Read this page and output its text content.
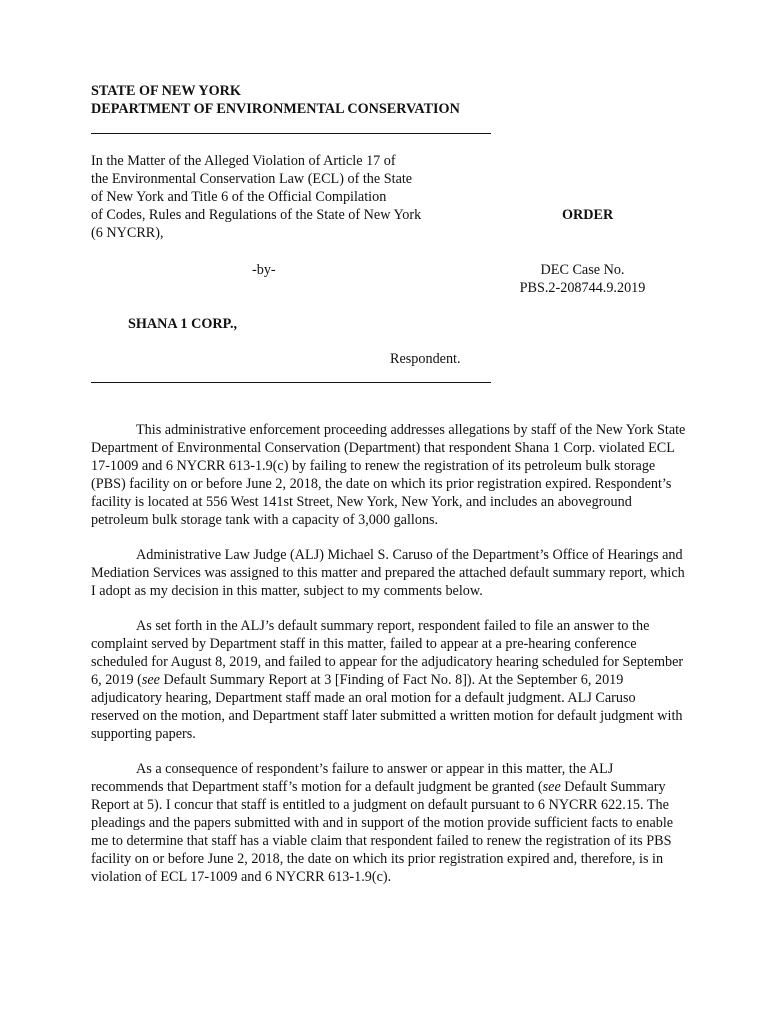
STATE OF NEW YORK
DEPARTMENT OF ENVIRONMENTAL CONSERVATION
In the Matter of the Alleged Violation of Article 17 of
the Environmental Conservation Law (ECL) of the State
of New York and Title 6 of the Official Compilation
of Codes, Rules and Regulations of the State of New York
(6 NYCRR),
ORDER
-by-	DEC Case No.
PBS.2-208744.9.2019
SHANA 1 CORP.,
Respondent.

This administrative enforcement proceeding addresses allegations by staff of the New York State Department of Environmental Conservation (Department) that respondent Shana 1 Corp. violated ECL 17-1009 and 6 NYCRR 613-1.9(c) by failing to renew the registration of its petroleum bulk storage (PBS) facility on or before June 2, 2018, the date on which its prior registration expired. Respondent’s facility is located at 556 West 141st Street, New York, New York, and includes an aboveground petroleum bulk storage tank with a capacity of 3,000 gallons.

Administrative Law Judge (ALJ) Michael S. Caruso of the Department’s Office of Hearings and Mediation Services was assigned to this matter and prepared the attached default summary report, which I adopt as my decision in this matter, subject to my comments below.

As set forth in the ALJ’s default summary report, respondent failed to file an answer to the complaint served by Department staff in this matter, failed to appear at a pre-hearing conference scheduled for August 8, 2019, and failed to appear for the adjudicatory hearing scheduled for September 6, 2019 (see Default Summary Report at 3 [Finding of Fact No. 8]). At the September 6, 2019 adjudicatory hearing, Department staff made an oral motion for a default judgment. ALJ Caruso reserved on the motion, and Department staff later submitted a written motion for default judgment with supporting papers.

As a consequence of respondent’s failure to answer or appear in this matter, the ALJ recommends that Department staff’s motion for a default judgment be granted (see Default Summary Report at 5). I concur that staff is entitled to a judgment on default pursuant to 6 NYCRR 622.15. The pleadings and the papers submitted with and in support of the motion provide sufficient facts to enable me to determine that staff has a viable claim that respondent failed to renew the registration of its PBS facility on or before June 2, 2018, the date on which its prior registration expired and, therefore, is in violation of ECL 17-1009 and 6 NYCRR 613-1.9(c).
